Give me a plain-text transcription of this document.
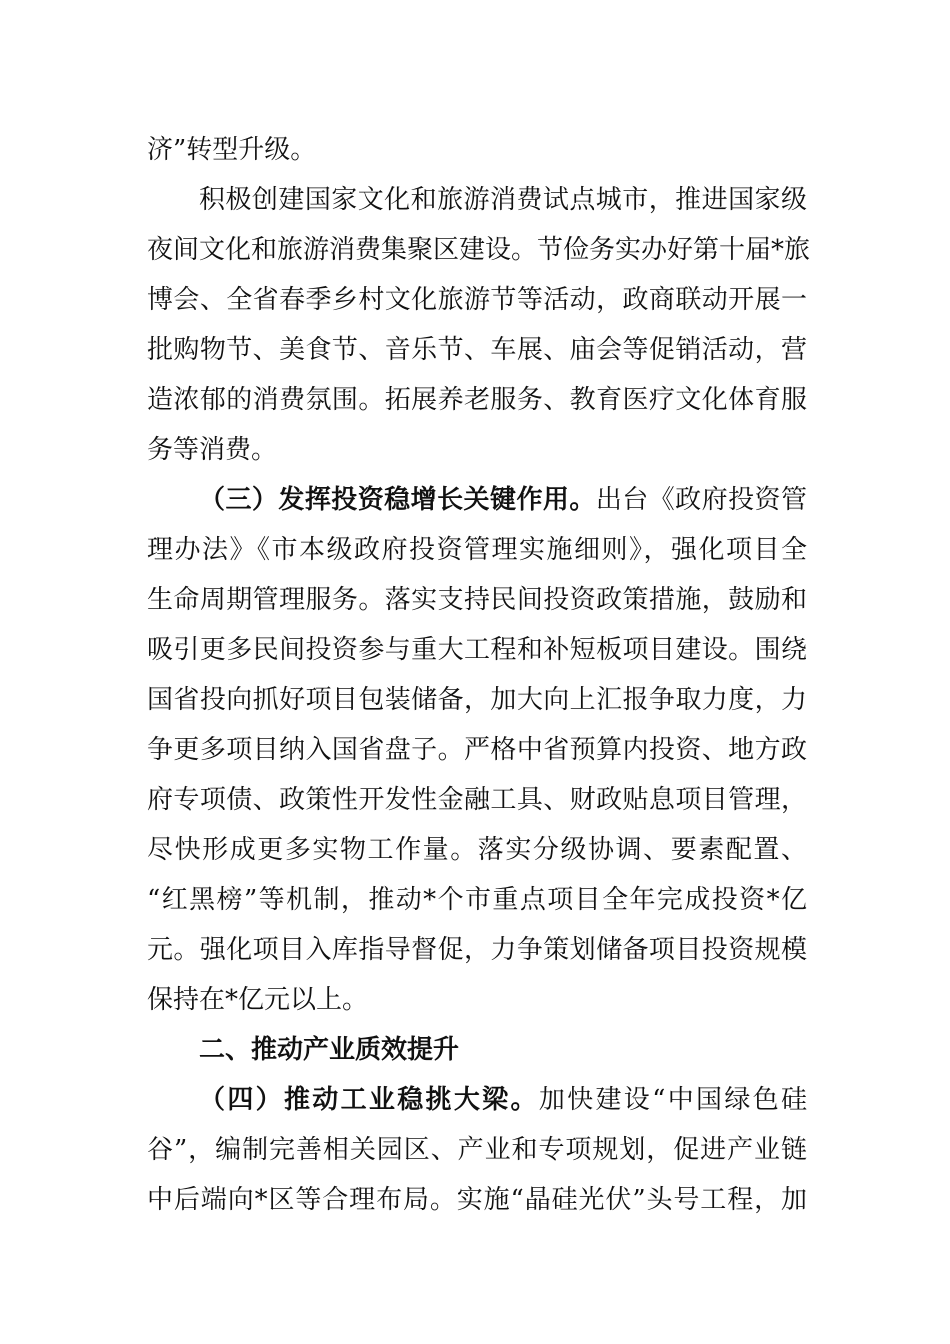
济”转型升级。
积极创建国家文化和旅游消费试点城市，推进国家级
夜间文化和旅游消费集聚区建设。节俭务实办好第十届*旅
博会、全省春季乡村文化旅游节等活动，政商联动开展一
批购物节、美食节、音乐节、车展、庙会等促销活动，营
造浓郁的消费氛围。拓展养老服务、教育医疗文化体育服
务等消费。
（三）发挥投资稳增长关键作用。出台《政府投资管
理办法》《市本级政府投资管理实施细则》，强化项目全
生命周期管理服务。落实支持民间投资政策措施，鼓励和
吸引更多民间投资参与重大工程和补短板项目建设。围绕
国省投向抓好项目包装储备，加大向上汇报争取力度，力
争更多项目纳入国省盘子。严格中省预算内投资、地方政
府专项债、政策性开发性金融工具、财政贴息项目管理，
尽快形成更多实物工作量。落实分级协调、要素配置、
“红黑榜”等机制，推动*个市重点项目全年完成投资*亿
元。强化项目入库指导督促，力争策划储备项目投资规模
保持在*亿元以上。
二、推动产业质效提升
（四）推动工业稳挑大梁。加快建设“中国绿色硅
谷”，编制完善相关园区、产业和专项规划，促进产业链
中后端向*区等合理布局。实施“晶硅光伏”头号工程，加
